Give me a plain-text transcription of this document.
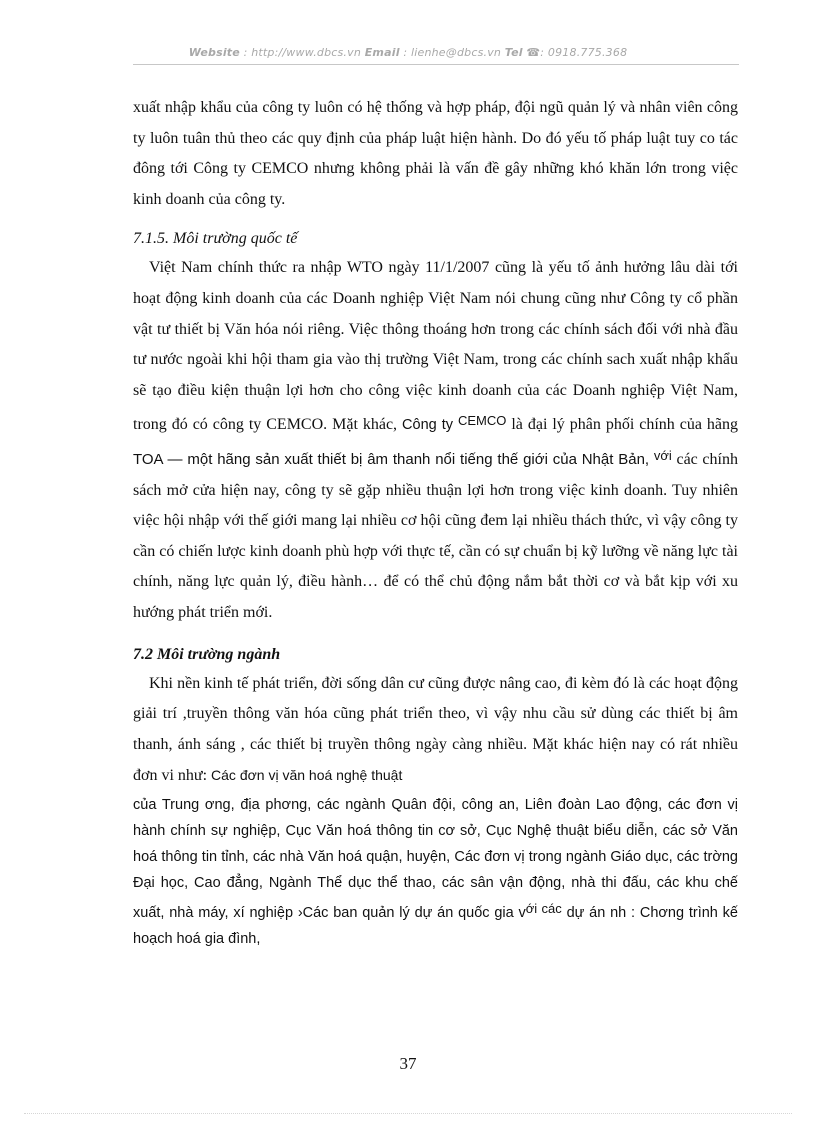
Website : http://www.dbcs.vn Email : lienhe@dbcs.vn Tel ☎: 0918.775.368

xuất nhập khẩu của công ty luôn có hệ thống và hợp pháp, đội ngũ quản lý và nhân viên công ty luôn tuân thủ theo các quy định của pháp luật hiện hành. Do đó yếu tố pháp luật tuy co tác đông tới Công ty CEMCO nhưng không phải là vấn đề gây những khó khăn lớn trong việc kinh doanh của công ty.

7.1.5. Môi trường quốc tế

Việt Nam chính thức ra nhập WTO ngày 11/1/2007 cũng là yếu tố ảnh hưởng lâu dài tới hoạt động kinh doanh của các Doanh nghiệp Việt Nam nói chung cũng như Công ty cổ phần vật tư thiết bị Văn hóa nói riêng. Việc thông thoáng hơn trong các chính sách đối với nhà đầu tư nước ngoài khi hội tham gia vào thị trường Việt Nam, trong các chính sach xuất nhập khẩu sẽ tạo điều kiện thuận lợi hơn cho công việc kinh doanh của các Doanh nghiệp Việt Nam, trong đó có công ty CEMCO. Mặt khác, Công ty $^{CEMCO}$ là đại lý phân phối chính của hãng TOA — một hãng sản xuất thiết bị âm thanh nổi tiếng thế giới của Nhật Bản, $^{với}$ các chính sách mở cửa hiện nay, công ty sẽ gặp nhiều thuận lợi hơn trong việc kinh doanh. Tuy nhiên việc hội nhập với thế giới mang lại nhiều cơ hội cũng đem lại nhiều thách thức, vì vậy công ty cần có chiến lược kinh doanh phù hợp với thực tế, cần có sự chuẩn bị kỹ lưỡng về năng lực tài chính, năng lực quản lý, điều hành… để có thể chủ động nắm bắt thời cơ và bắt kịp với xu hướng phát triển mới.

7.2 Môi trường ngành

Khi nền kinh tế phát triển, đời sống dân cư cũng được nâng cao, đi kèm đó là các hoạt động giải trí ,truyền thông văn hóa cũng phát triển theo, vì vậy nhu cầu sử dùng các thiết bị âm thanh, ánh sáng , các thiết bị truyền thông ngày càng nhiều. Mặt khác hiện nay có rát nhiều đơn vi như: Các đơn vị văn hoá nghệ thuật

của Trung ơng, địa phơng, các ngành Quân đội, công an, Liên đoàn Lao động, các đơn vị hành chính sự nghiệp, Cục Văn hoá thông tin cơ sở, Cục Nghệ thuật biểu diễn, các sở Văn hoá thông tin tỉnh, các nhà Văn hoá quận, huyện, Các đơn vị trong ngành Giáo dục, các trờng Đại học, Cao đẳng, Ngành Thể dục thể thao, các sân vận động, nhà thi đấu, các khu chế xuất, nhà máy, xí nghiệp ›Các ban quản lý dự án quốc gia với các dự án nh : Chơng trình kế hoạch hoá gia đình,

37
